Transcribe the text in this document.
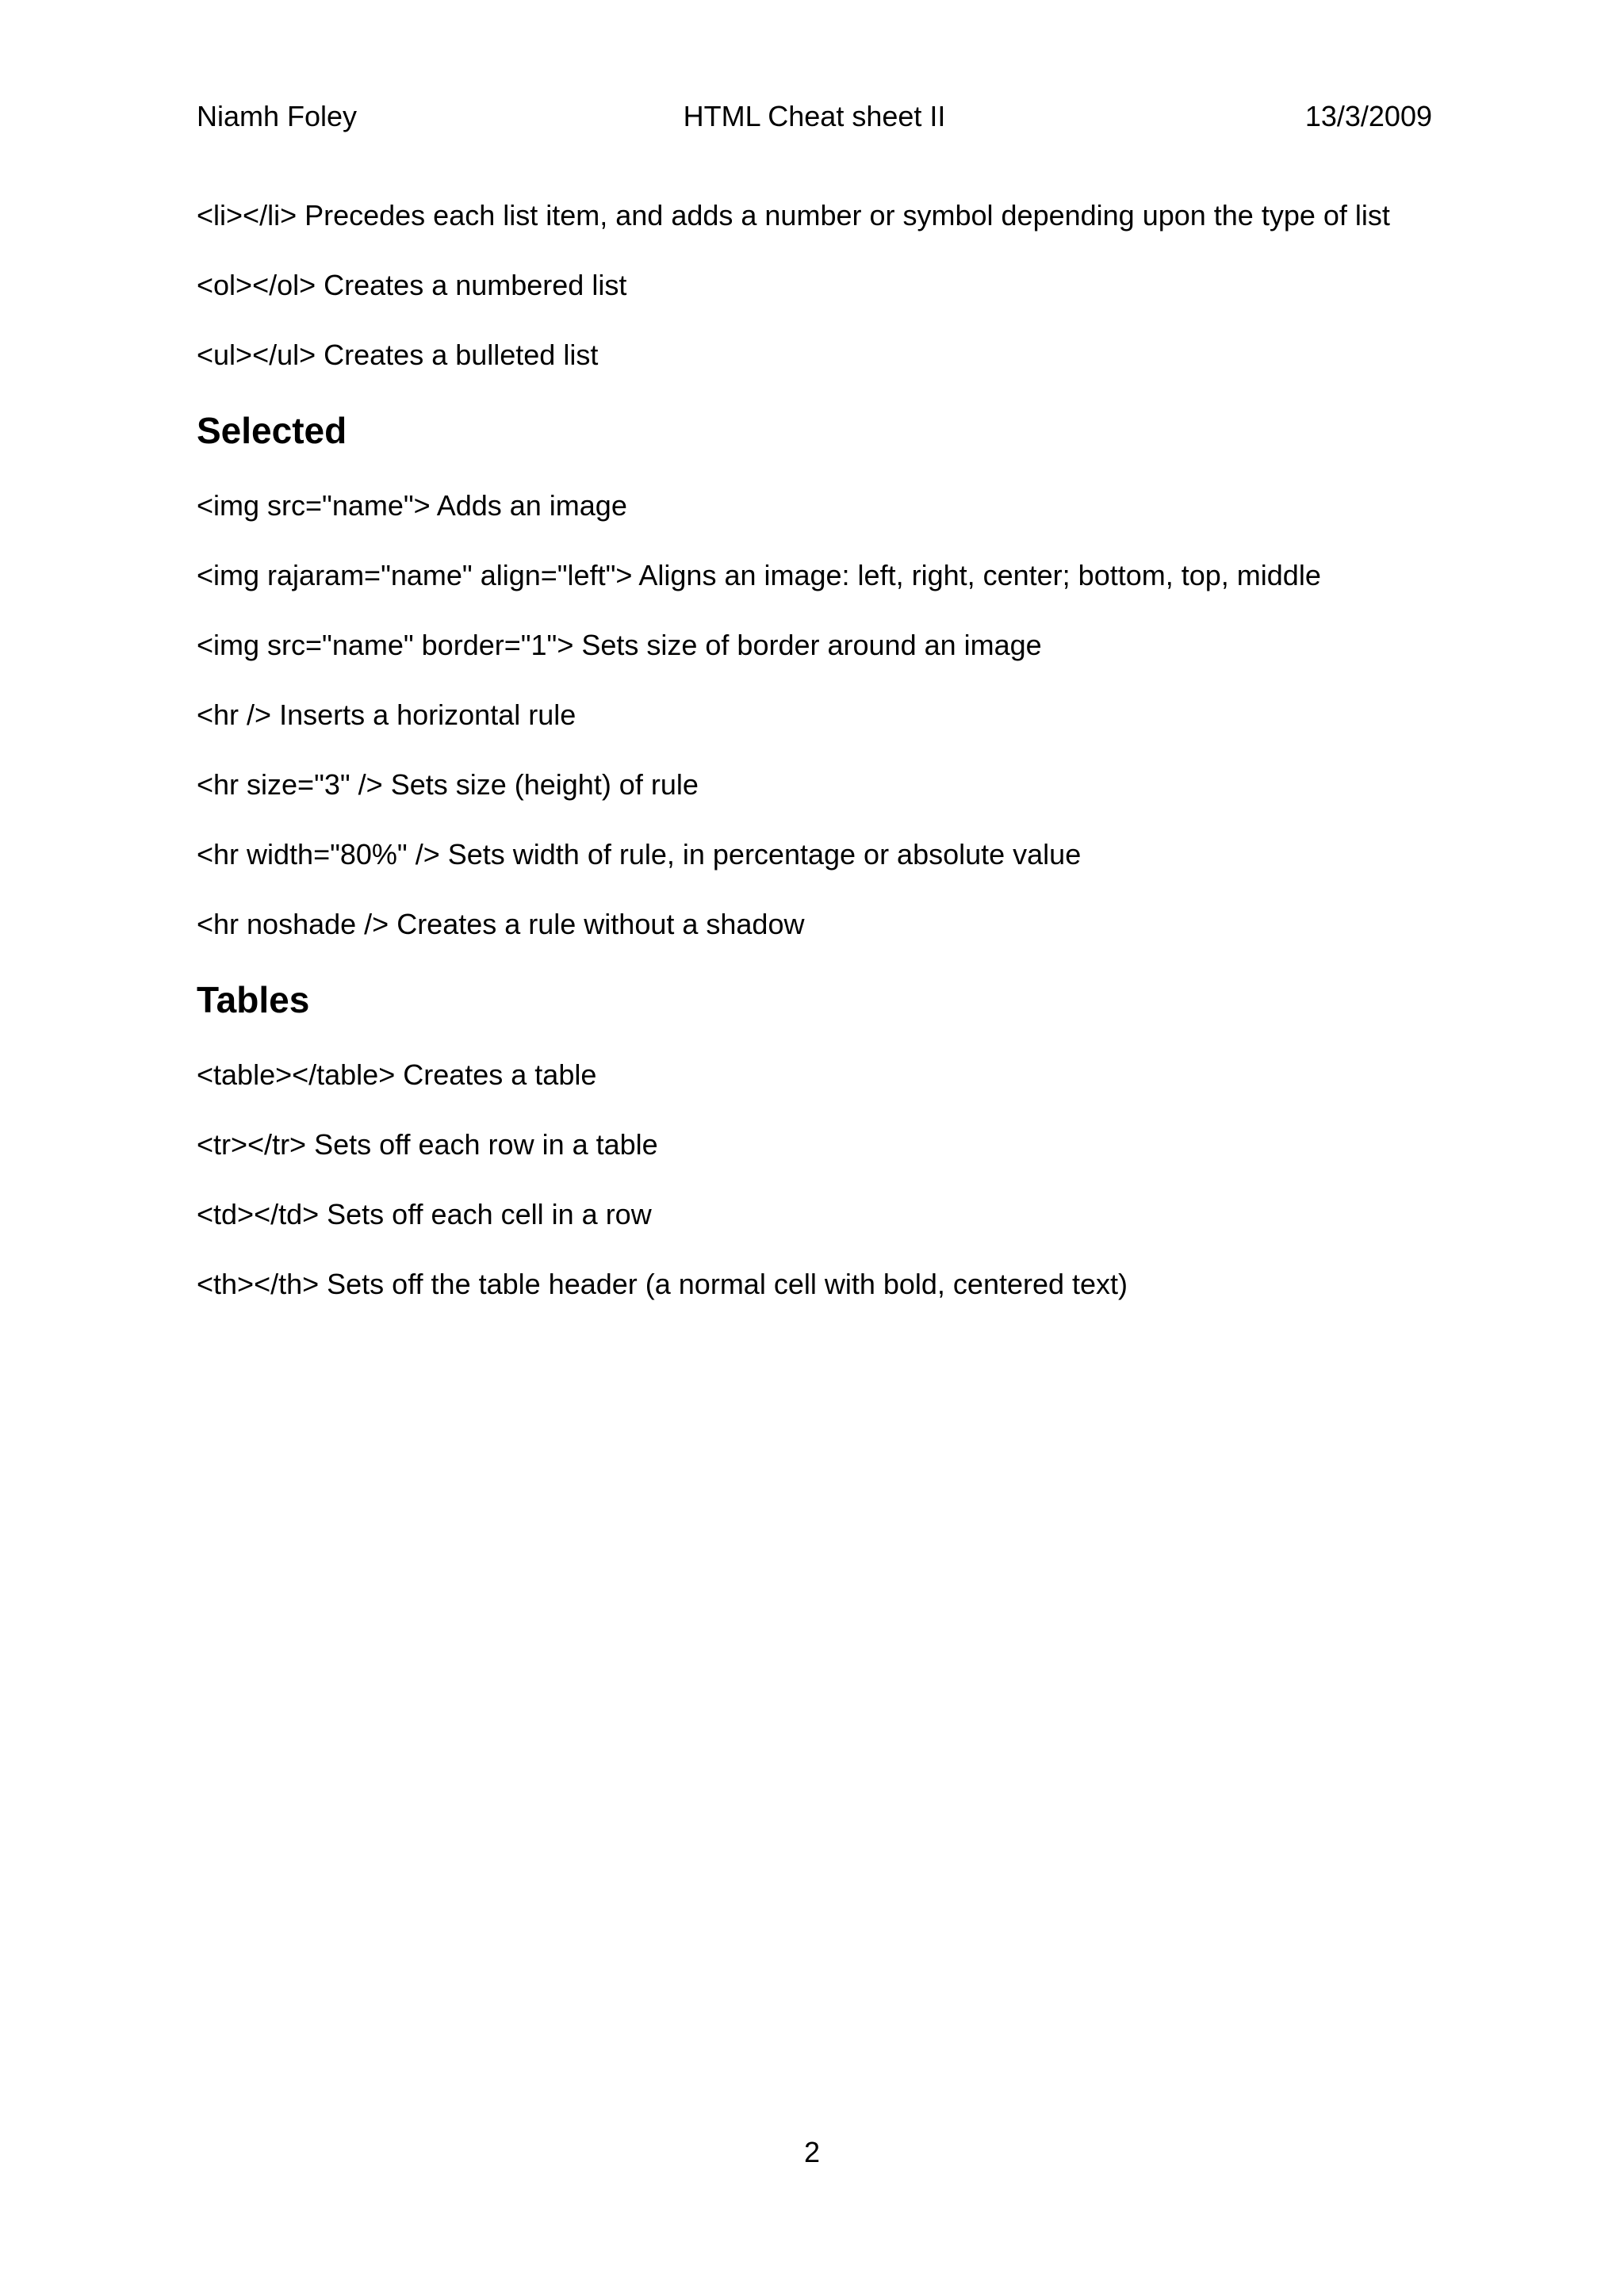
Niamh Foley	HTML Cheat sheet II	13/3/2009
<li></li> Precedes each list item, and adds a number or symbol depending upon the type of list
<ol></ol> Creates a numbered list
<ul></ul> Creates a bulleted list
Selected
<img src="name"> Adds an image
<img rajaram="name" align="left"> Aligns an image: left, right, center; bottom, top, middle
<img src="name" border="1"> Sets size of border around an image
<hr /> Inserts a horizontal rule
<hr size="3" /> Sets size (height) of rule
<hr width="80%" /> Sets width of rule, in percentage or absolute value
<hr noshade /> Creates a rule without a shadow
Tables
<table></table> Creates a table
<tr></tr> Sets off each row in a table
<td></td> Sets off each cell in a row
<th></th> Sets off the table header (a normal cell with bold, centered text)
2
